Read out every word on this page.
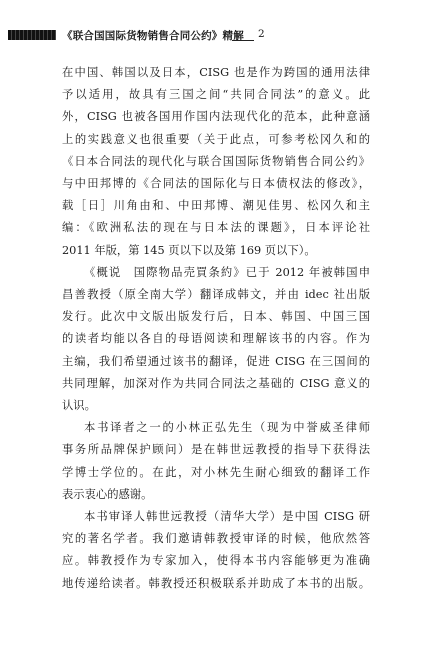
《联合国国际货物销售合同公约》精解 2
在中国、韩国以及日本，CISG 也是作为跨国的通用法律
予以适用，故具有三国之间“共同合同法”的意义。此
外，CISG 也被各国用作国内法现代化的范本，此种意涵
上的实践意义也很重要（关于此点，可参考松冈久和的
《日本合同法的现代化与联合国国际货物销售合同公约》
与中田邦博的《合同法的国际化与日本债权法的修改》，
载［日］川角由和、中田邦博、潮见佳男、松冈久和主
编：《欧洲私法的现在与日本法的课题》，日本评论社
2011 年版，第 145 页以下以及第 169 页以下）。
《概说　国際物品売買条約》已于 2012 年被韩国申
昌善教授（原全南大学）翻译成韩文，并由 idec 社出版
发行。此次中文版出版发行后，日本、韩国、中国三国
的读者均能以各自的母语阅读和理解该书的内容。作为
主编，我们希望通过该书的翻译，促进 CISG 在三国间的
共同理解，加深对作为共同合同法之基础的 CISG 意义的
认识。
本书译者之一的小林正弘先生（现为中誉威圣律师
事务所品牌保护顾问）是在韩世远教授的指导下获得法
学博士学位的。在此，对小林先生耐心细致的翻译工作
表示衷心的感谢。
本书审译人韩世远教授（清华大学）是中国 CISG 研
究的著名学者。我们邀请韩教授审译的时候，他欣然答
应。韩教授作为专家加入，使得本书内容能够更为准确
地传递给读者。韩教授还积极联系并助成了本书的出版。
